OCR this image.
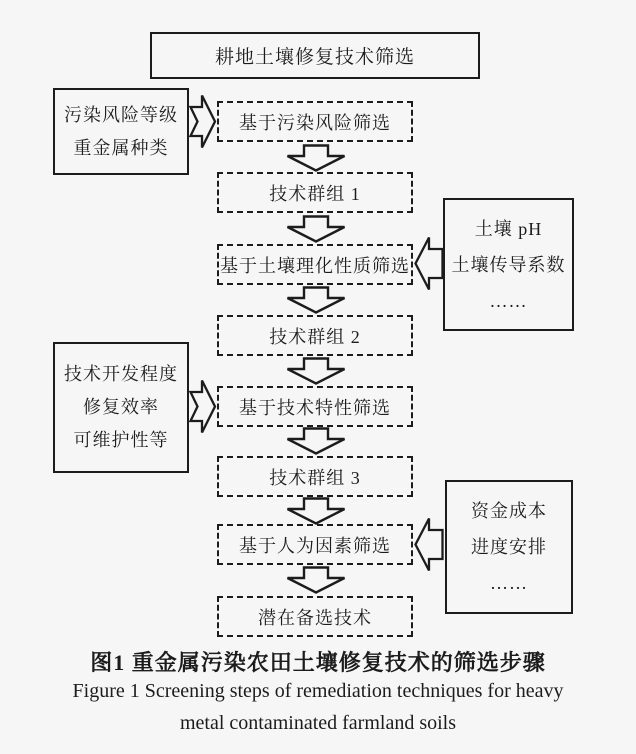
耕地土壤修复技术筛选
基于污染风险筛选
技术群组 1
基于土壤理化性质筛选
技术群组 2
基于技术特性筛选
技术群组 3
基于人为因素筛选
潜在备选技术
污染风险等级
重金属种类
土壤 pH
土壤传导系数
……
技术开发程度
修复效率
可维护性等
资金成本
进度安排
……
图1 重金属污染农田土壤修复技术的筛选步骤
Figure 1 Screening steps of remediation techniques for heavy
metal contaminated farmland soils
